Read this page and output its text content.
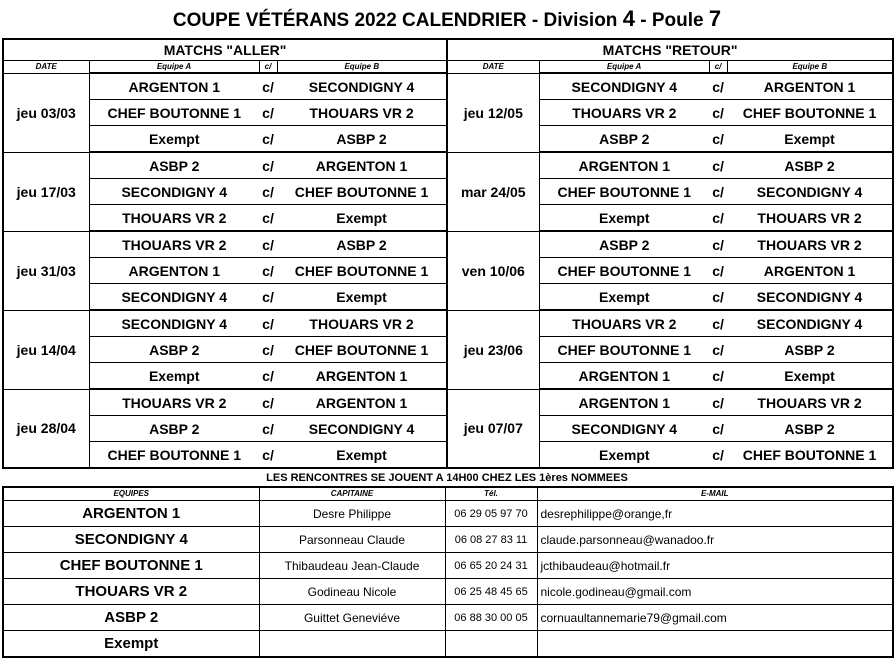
COUPE VÉTÉRANS 2022 CALENDRIER - Division 4 - Poule 7
MATCHS "ALLER"				MATCHS "RETOUR"			
DATE	Equipe A	c/	Equipe B	DATE	Equipe A	c/	Equipe B
jeu 03/03	ARGENTON 1	c/	SECONDIGNY 4	jeu 12/05	SECONDIGNY 4	c/	ARGENTON 1
	CHEF BOUTONNE 1	c/	THOUARS VR 2		THOUARS VR 2	c/	CHEF BOUTONNE 1
	Exempt	c/	ASBP 2		ASBP 2	c/	Exempt
jeu 17/03	ASBP 2	c/	ARGENTON 1	mar 24/05	ARGENTON 1	c/	ASBP 2
	SECONDIGNY 4	c/	CHEF BOUTONNE 1		CHEF BOUTONNE 1	c/	SECONDIGNY 4
	THOUARS VR 2	c/	Exempt		Exempt	c/	THOUARS VR 2
jeu 31/03	THOUARS VR 2	c/	ASBP 2	ven 10/06	ASBP 2	c/	THOUARS VR 2
	ARGENTON 1	c/	CHEF BOUTONNE 1		CHEF BOUTONNE 1	c/	ARGENTON 1
	SECONDIGNY 4	c/	Exempt		Exempt	c/	SECONDIGNY 4
jeu 14/04	SECONDIGNY 4	c/	THOUARS VR 2	jeu 23/06	THOUARS VR 2	c/	SECONDIGNY 4
	ASBP 2	c/	CHEF BOUTONNE 1		CHEF BOUTONNE 1	c/	ASBP 2
	Exempt	c/	ARGENTON 1		ARGENTON 1	c/	Exempt
jeu 28/04	THOUARS VR 2	c/	ARGENTON 1	jeu 07/07	ARGENTON 1	c/	THOUARS VR 2
	ASBP 2	c/	SECONDIGNY 4		SECONDIGNY 4	c/	ASBP 2
	CHEF BOUTONNE 1	c/	Exempt		Exempt	c/	CHEF BOUTONNE 1
LES RENCONTRES SE JOUENT A 14H00 CHEZ LES 1ères NOMMEES
EQUIPES	CAPITAINE	Tél.	E-MAIL
ARGENTON 1	Desre Philippe	06 29 05 97 70	desrephilippe@orange,fr
SECONDIGNY 4	Parsonneau Claude	06 08 27 83 11	claude.parsonneau@wanadoo.fr
CHEF BOUTONNE 1	Thibaudeau Jean-Claude	06 65 20 24 31	jcthibaudeau@hotmail.fr
THOUARS VR 2	Godineau Nicole	06 25 48 45 65	nicole.godineau@gmail.com
ASBP 2	Guittet Geneviéve	06 88 30 00 05	cornuaultannemarie79@gmail.com
Exempt			
